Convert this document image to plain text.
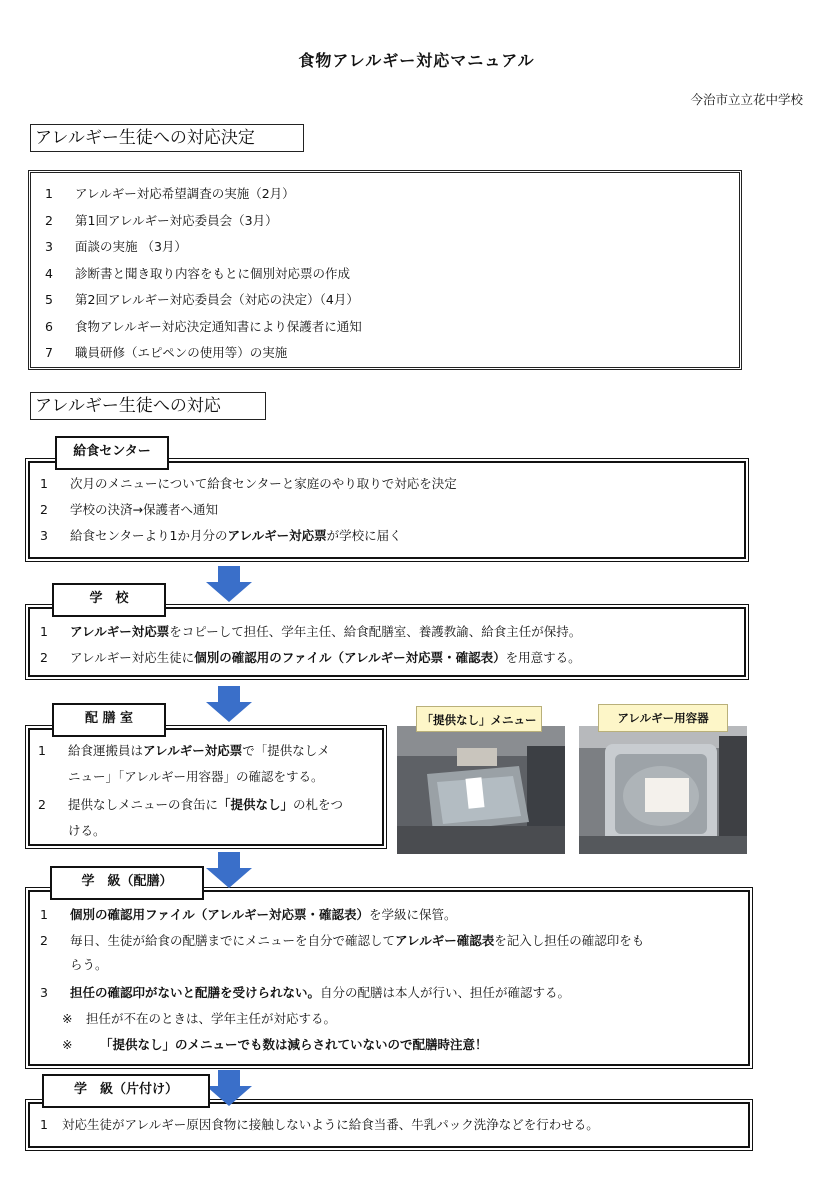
食物アレルギー対応マニュアル
今治市立立花中学校
アレルギー生徒への対応決定
1 アレルギー対応希望調査の実施（2月）
2 第1回アレルギー対応委員会（3月）
3 面談の実施 （3月）
4 診断書と聞き取り内容をもとに個別対応票の作成
5 第2回アレルギー対応委員会（対応の決定）（4月）
6 食物アレルギー対応決定通知書により保護者に通知
7 職員研修（エピペンの使用等）の実施
アレルギー生徒への対応
給食センター
1 次月のメニューについて給食センターと家庭のやり取りで対応を決定
2 学校の決済→保護者へ通知
3 給食センターより1か月分のアレルギー対応票が学校に届く
学　校
1 アレルギー対応票をコピーして担任、学年主任、給食配膳室、養護教諭、給食主任が保持。
2 アレルギー対応生徒に個別の確認用のファイル（アレルギー対応票・確認表）を用意する。
配 膳 室
1 給食運搬員はアレルギー対応票で「提供なしメ
ニュー」「アレルギー用容器」の確認をする。
2 提供なしメニューの食缶に「提供なし」の札をつ
ける。
「提供なし」メニュー	アレルギー用容器
学　級（配膳）
1 個別の確認用ファイル（アレルギー対応票・確認表）を学級に保管。
2 毎日、生徒が給食の配膳までにメニューを自分で確認してアレルギー確認表を記入し担任の確認印をも
らう。
3 担任の確認印がないと配膳を受けられない。自分の配膳は本人が行い、担任が確認する。
※ 担任が不在のときは、学年主任が対応する。
※ 「提供なし」のメニューでも数は減らされていないので配膳時注意！
学　級（片付け）
1 対応生徒がアレルギー原因食物に接触しないように給食当番、牛乳パック洗浄などを行わせる。
